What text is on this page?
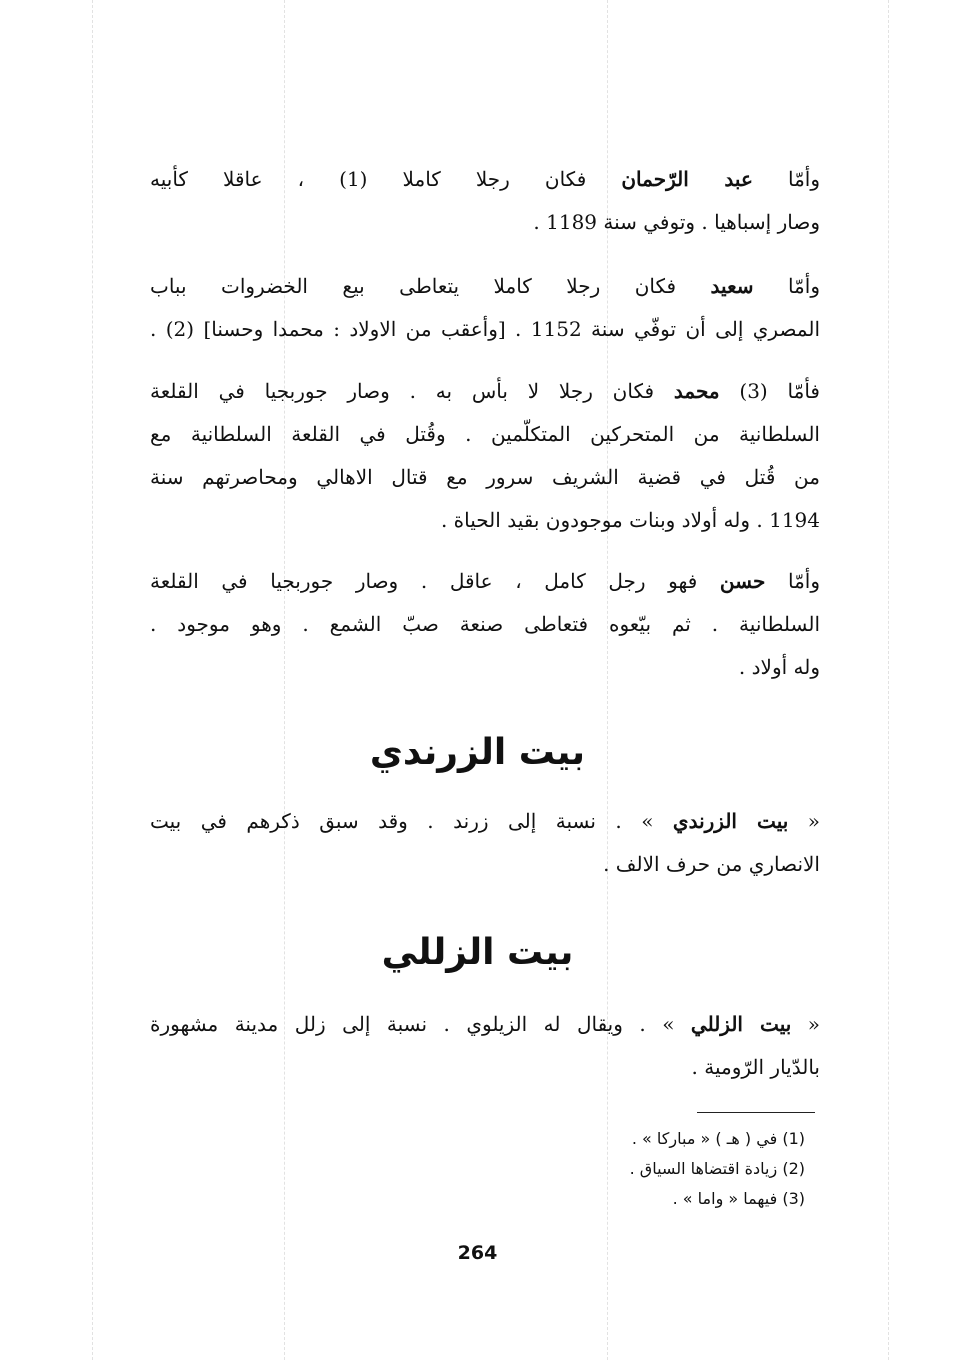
وأمّا عبد الرّحمان فكان رجلا كاملا (1) ، عاقلا كأبيه
وصار إسباهيا . وتوفي سنة 1189 .
وأمّا سعيد فكان رجلا كاملا يتعاطى بيع الخضروات بباب
المصري إلى أن توفّي سنة 1152 . [وأعقب من الاولاد : محمدا وحسنا] (2) .
فأمّا (3) محمد فكان رجلا لا بأس به . وصار جوربجيا في القلعة
السلطانية من المتحركين المتكلّمين . وقُتل في القلعة السلطانية مع
من قُتل في قضية الشريف سرور مع قتال الاهالي ومحاصرتهم سنة
1194 . وله أولاد وبنات موجودون بقيد الحياة .
وأمّا حسن فهو رجل كامل ، عاقل . وصار جوربجيا في القلعة
السلطانية . ثم بيّعوه فتعاطى صنعة صبّ الشمع . وهو موجود .
وله أولاد .
بيت الزرندي
« بيت الزرندي » . نسبة إلى زرند . وقد سبق ذكرهم في بيت
الانصاري من حرف الالف .
بيت الزللي
« بيت الزللي » . ويقال له الزيلوي . نسبة إلى زلل مدينة مشهورة
بالدّيار الرّومية .
(1) في ( هـ ) « مباركا » .
(2) زيادة اقتضاها السياق .
(3) فيهما « واما » .
264
